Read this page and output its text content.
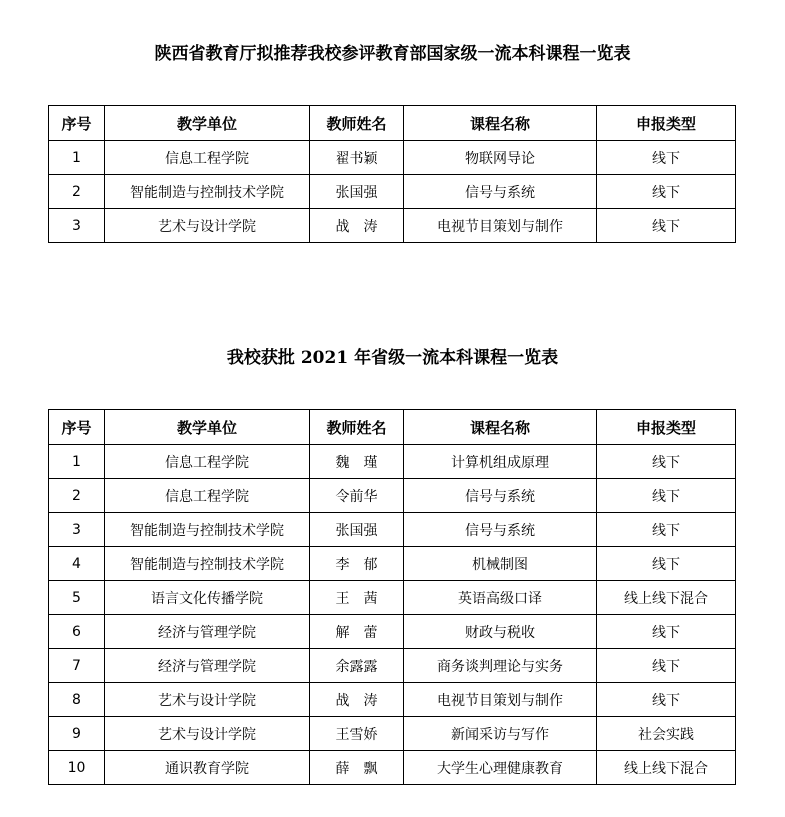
陕西省教育厅拟推荐我校参评教育部国家级一流本科课程一览表
序号	教学单位	教师姓名	课程名称	申报类型
1	信息工程学院	翟书颖	物联网导论	线下
2	智能制造与控制技术学院	张国强	信号与系统	线下
3	艺术与设计学院	战　涛	电视节目策划与制作	线下
我校获批 2021 年省级一流本科课程一览表
序号	教学单位	教师姓名	课程名称	申报类型
1	信息工程学院	魏　瑾	计算机组成原理	线下
2	信息工程学院	令前华	信号与系统	线下
3	智能制造与控制技术学院	张国强	信号与系统	线下
4	智能制造与控制技术学院	李　郁	机械制图	线下
5	语言文化传播学院	王　茜	英语高级口译	线上线下混合
6	经济与管理学院	解　蕾	财政与税收	线下
7	经济与管理学院	余露露	商务谈判理论与实务	线下
8	艺术与设计学院	战　涛	电视节目策划与制作	线下
9	艺术与设计学院	王雪娇	新闻采访与写作	社会实践
10	通识教育学院	薛　飘	大学生心理健康教育	线上线下混合
